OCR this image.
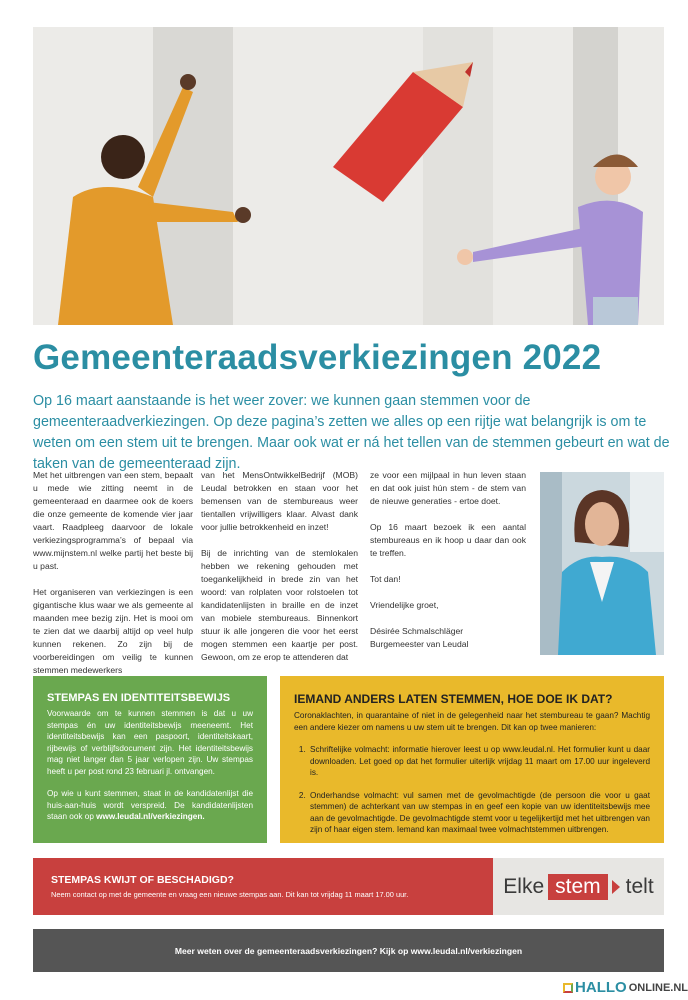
Gemeenteraadsverkiezingen 2022

Op 16 maart aanstaande is het weer zover: we kunnen gaan stemmen voor de gemeenteraadverkiezingen. Op deze pagina’s zetten we alles op een rijtje wat belangrijk is om te weten om een stem uit te brengen. Maar ook wat er ná het tellen van de stemmen gebeurt en wat de taken van de gemeenteraad zijn.

Met het uitbrengen van een stem, bepaalt u mede wie zitting neemt in de gemeenteraad en daarmee ook de koers die onze gemeente de komende vier jaar vaart. Raadpleeg daarvoor de lokale verkiezingsprogramma’s of bepaal via www.mijnstem.nl welke partij het beste bij u past.

Het organiseren van verkiezingen is een gigantische klus waar we als gemeente al maanden mee bezig zijn. Het is mooi om te zien dat we daarbij altijd op veel hulp kunnen rekenen. Zo zijn bij de voorbereidingen om veilig te kunnen stemmen medewerkers

van het MensOntwikkelBedrijf (MOB) Leudal betrokken en staan voor het bemensen van de stembureaus weer tientallen vrijwilligers klaar. Alvast dank voor jullie betrokkenheid en inzet!

Bij de inrichting van de stemlokalen hebben we rekening gehouden met toegankelijkheid in brede zin van het woord: van rolplaten voor rolstoelen tot kandidatenlijsten in braille en de inzet van mobiele stembureaus. Binnenkort stuur ik alle jongeren die voor het eerst mogen stemmen een kaartje per post. Gewoon, om ze erop te attenderen dat

ze voor een mijlpaal in hun leven staan en dat ook juist hún stem - de stem van de nieuwe generaties - ertoe doet.

Op 16 maart bezoek ik een aantal stembureaus en ik hoop u daar dan ook te treffen.

Tot dan!

Vriendelijke groet,

Désirée Schmalschläger
Burgemeester van Leudal

STEMPAS EN IDENTITEITSBEWIJS

Voorwaarde om te kunnen stemmen is dat u uw stempas én uw identiteitsbewijs meeneemt. Het identiteitsbewijs kan een paspoort, identiteitskaart, rijbewijs of verblijfsdocument zijn. Het identiteitsbewijs mag niet langer dan 5 jaar verlopen zijn. Uw stempas heeft u per post rond 23 februari jl. ontvangen.

Op wie u kunt stemmen, staat in de kandidatenlijst die huis-aan-huis wordt verspreid. De kandidatenlijsten staan ook op www.leudal.nl/verkiezingen.

IEMAND ANDERS LATEN STEMMEN, HOE DOE IK DAT?

Coronaklachten, in quarantaine of niet in de gelegenheid naar het stembureau te gaan? Machtig een andere kiezer om namens u uw stem uit te brengen. Dit kan op twee manieren:

1. Schriftelijke volmacht: informatie hierover leest u op www.leudal.nl. Het formulier kunt u daar downloaden. Let goed op dat het formulier uiterlijk vrijdag 11 maart om 17.00 uur ingeleverd is.
2. Onderhandse volmacht: vul samen met de gevolmachtigde (de persoon die voor u gaat stemmen) de achterkant van uw stempas in en geef een kopie van uw identiteitsbewijs mee aan de gevolmachtigde. De gevolmachtigde stemt voor u tegelijkertijd met het uitbrengen van zijn of haar eigen stem. Iemand kan maximaal twee volmachtstemmen uitbrengen.
STEMPAS KWIJT OF BESCHADIGD?

Neem contact op met de gemeente en vraag een nieuwe stempas aan. Dit kan tot vrijdag 11 maart 17.00 uur.	Elke stem	telt
Meer weten over de gemeenteraadsverkiezingen? Kijk op www.leudal.nl/verkiezingen
HALLO ONLINE.NL
